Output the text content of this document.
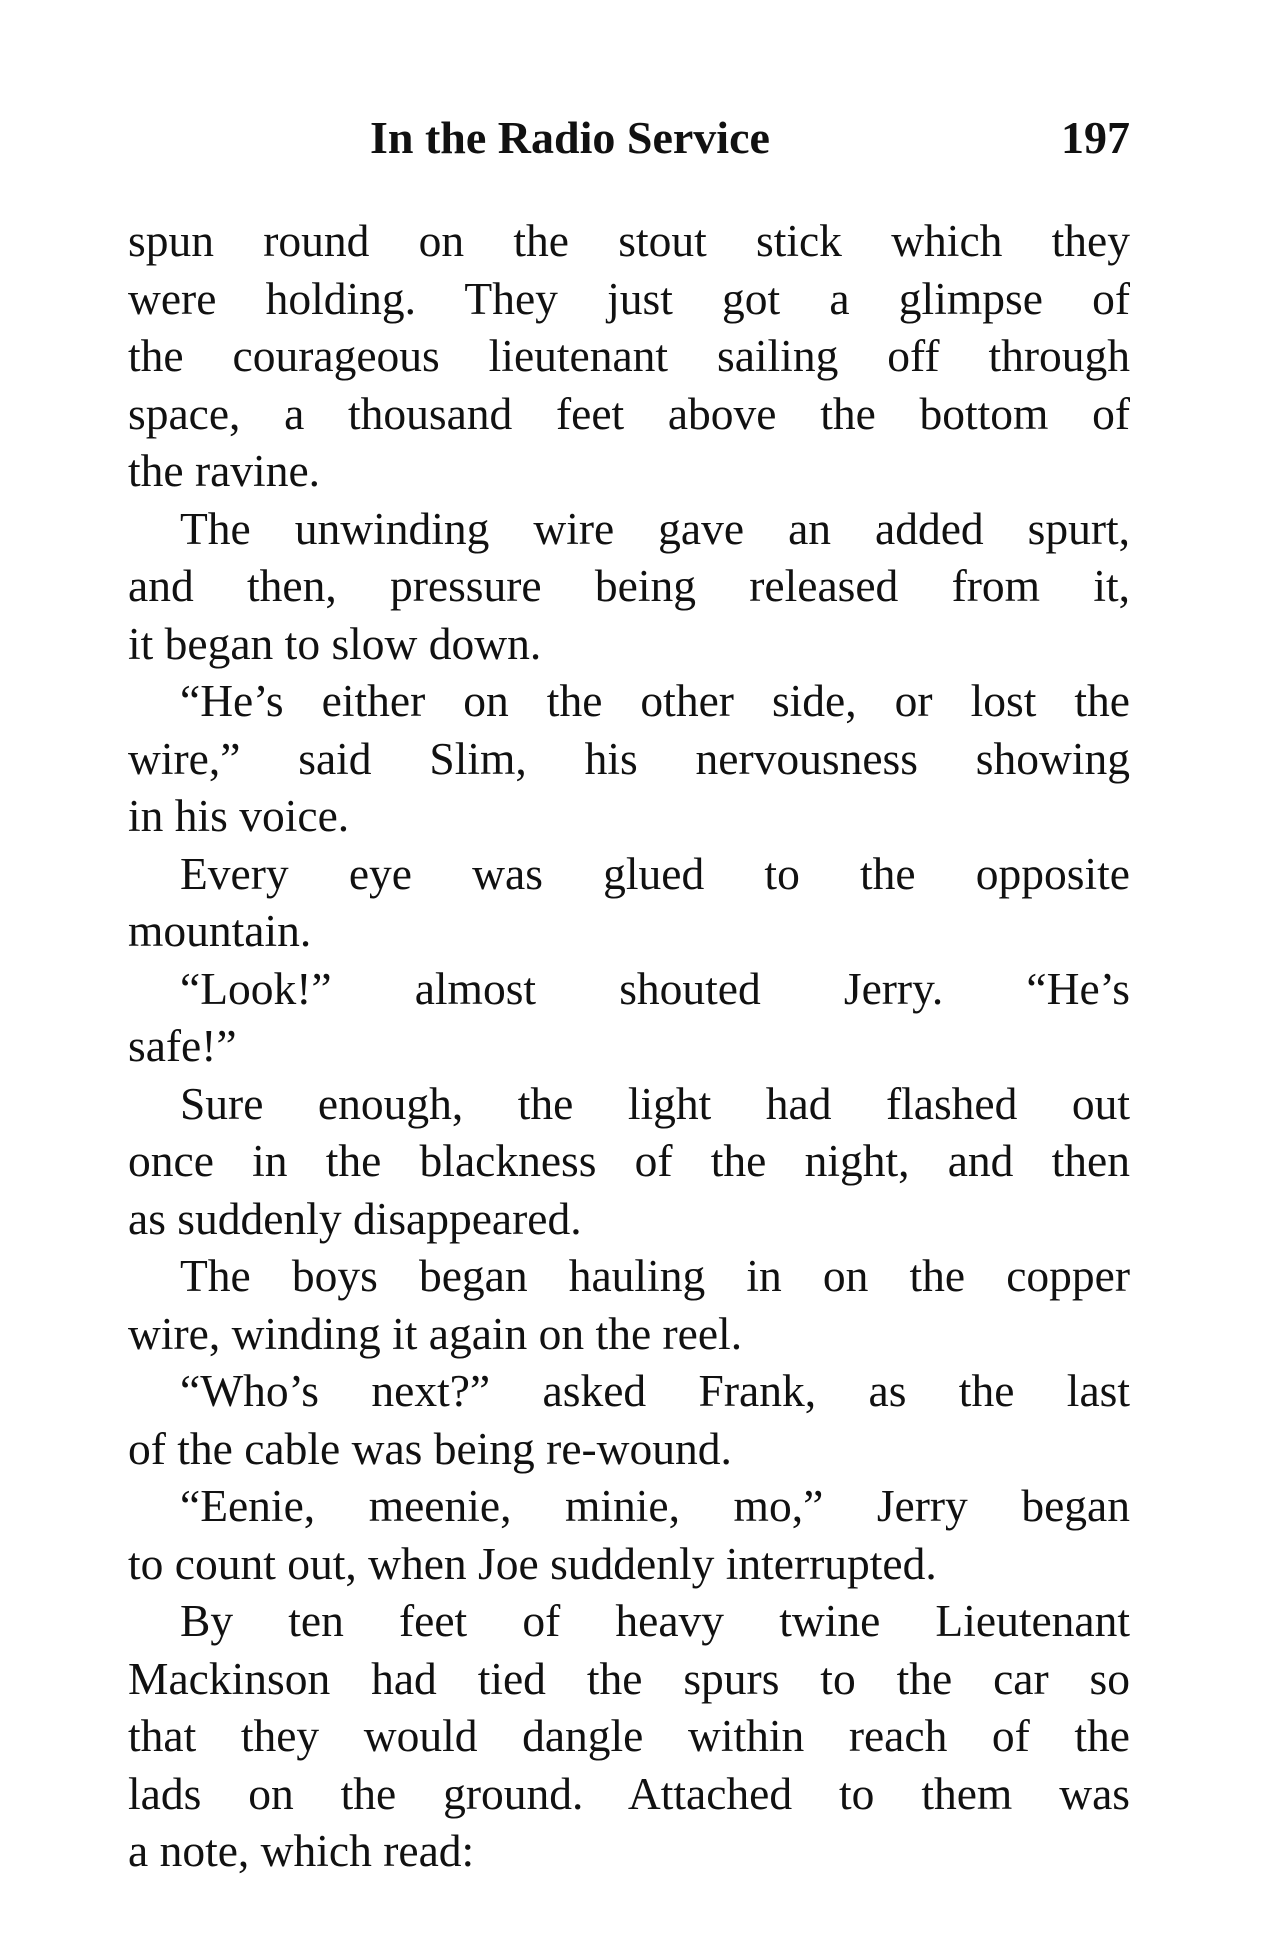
In the Radio Service	197
spun round on the stout stick which they
were holding. They just got a glimpse of
the courageous lieutenant sailing off through
space, a thousand feet above the bottom of
the ravine.
The unwinding wire gave an added spurt,
and then, pressure being released from it,
it began to slow down.
“He’s either on the other side, or lost the
wire,” said Slim, his nervousness showing
in his voice.
Every eye was glued to the opposite
mountain.
“Look!” almost shouted Jerry. “He’s
safe!”
Sure enough, the light had flashed out
once in the blackness of the night, and then
as suddenly disappeared.
The boys began hauling in on the copper
wire, winding it again on the reel.
“Who’s next?” asked Frank, as the last
of the cable was being re-wound.
“Eenie, meenie, minie, mo,” Jerry began
to count out, when Joe suddenly interrupted.
By ten feet of heavy twine Lieutenant
Mackinson had tied the spurs to the car so
that they would dangle within reach of the
lads on the ground. Attached to them was
a note, which read:
